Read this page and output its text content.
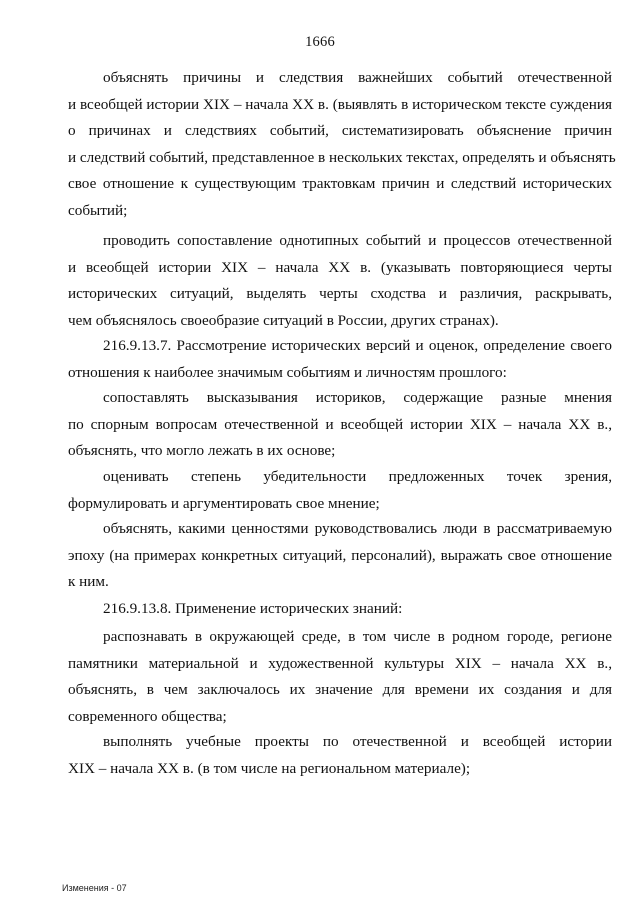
1666
объяснять причины и следствия важнейших событий отечественной
и всеобщей истории XIX – начала XX в. (выявлять в историческом тексте суждения
о причинах и следствиях событий, систематизировать объяснение причин
и следствий событий, представленное в нескольких текстах, определять и объяснять
свое отношение к существующим трактовкам причин и следствий исторических
событий;
проводить сопоставление однотипных событий и процессов отечественной
и всеобщей истории XIX – начала XX в. (указывать повторяющиеся черты
исторических ситуаций, выделять черты сходства и различия, раскрывать,
чем объяснялось своеобразие ситуаций в России, других странах).
216.9.13.7. Рассмотрение исторических версий и оценок, определение своего
отношения к наиболее значимым событиям и личностям прошлого:
сопоставлять высказывания историков, содержащие разные мнения
по спорным вопросам отечественной и всеобщей истории XIX – начала XX в.,
объяснять, что могло лежать в их основе;
оценивать степень убедительности предложенных точек зрения,
формулировать и аргументировать свое мнение;
объяснять, какими ценностями руководствовались люди в рассматриваемую
эпоху (на примерах конкретных ситуаций, персоналий), выражать свое отношение
к ним.
216.9.13.8. Применение исторических знаний:
распознавать в окружающей среде, в том числе в родном городе, регионе
памятники материальной и художественной культуры XIX – начала XX в.,
объяснять, в чем заключалось их значение для времени их создания и для
современного общества;
выполнять учебные проекты по отечественной и всеобщей истории
XIX – начала XX в. (в том числе на региональном материале);
Изменения - 07
